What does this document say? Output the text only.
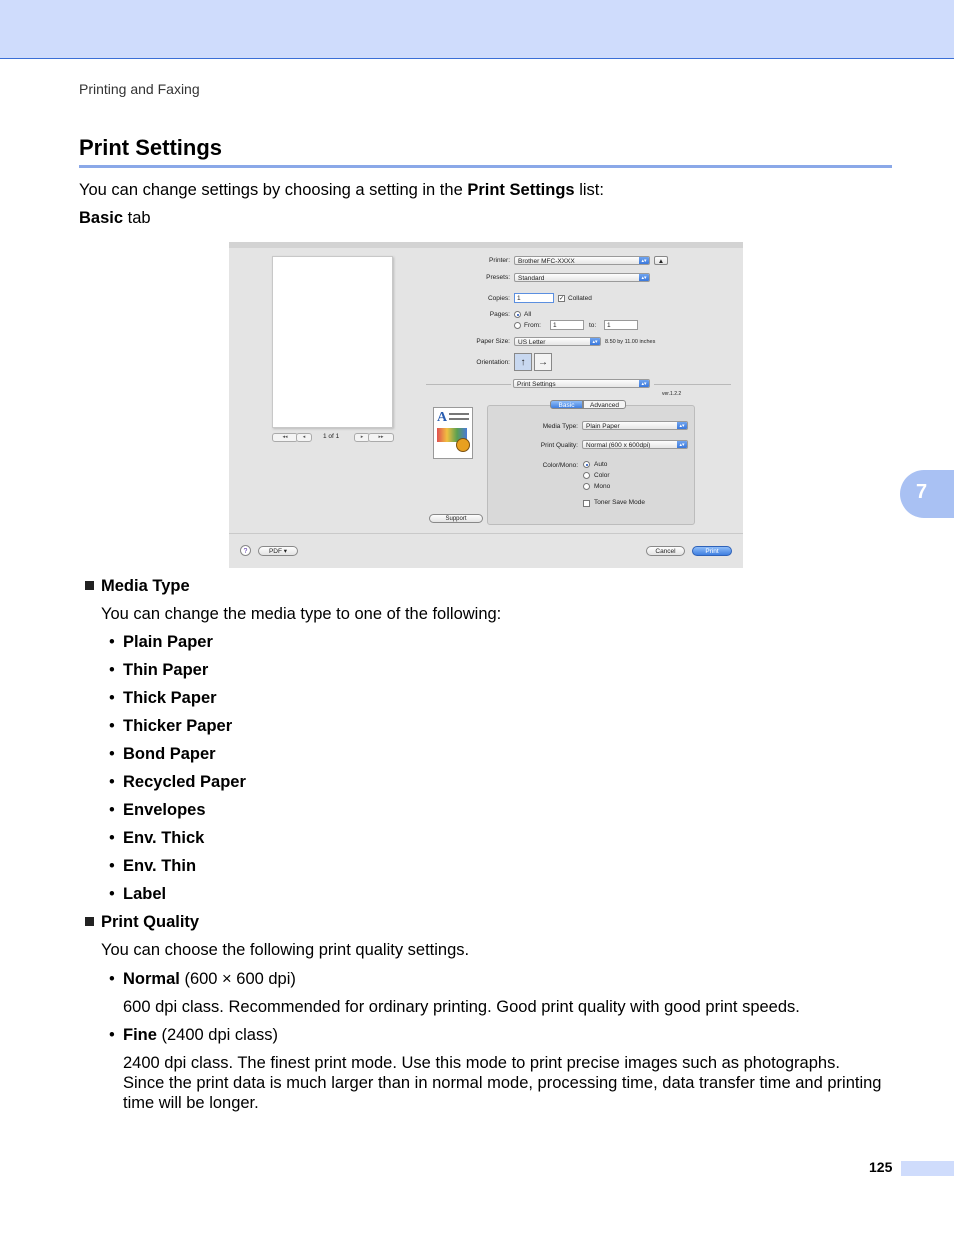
Printing and Faxing
Print Settings
You can change settings by choosing a setting in the Print Settings list:
Basic tab
◂◂	◂	1 of 1	▸	▸▸
Printer:	Brother MFC-XXXX	▴▾	▲
Presets:	Standard	▴▾
Copies:	1	✓ Collated
Pages: All
From:	1	to:	1
Paper Size:	US Letter	▴▾	8.50 by 11.00 inches
Orientation:	↑	→
Print Settings	▴▾
ver.1.2.2
A
Basic	Advanced
Media Type:	Plain Paper	▴▾
Print Quality:	Normal (600 x 600dpi)	▴▾
Color/Mono: Auto
Color
Mono
Toner Save Mode
Support
?	PDF ▾	Cancel	Print
Media Type
You can change the media type to one of the following:
• Plain Paper
• Thin Paper
• Thick Paper
• Thicker Paper
• Bond Paper
• Recycled Paper
• Envelopes
• Env. Thick
• Env. Thin
• Label
Print Quality
You can choose the following print quality settings.
• Normal (600 × 600 dpi)
600 dpi class. Recommended for ordinary printing. Good print quality with good print speeds.
• Fine (2400 dpi class)
2400 dpi class. The finest print mode. Use this mode to print precise images such as photographs.
Since the print data is much larger than in normal mode, processing time, data transfer time and printing
time will be longer.
7
125
